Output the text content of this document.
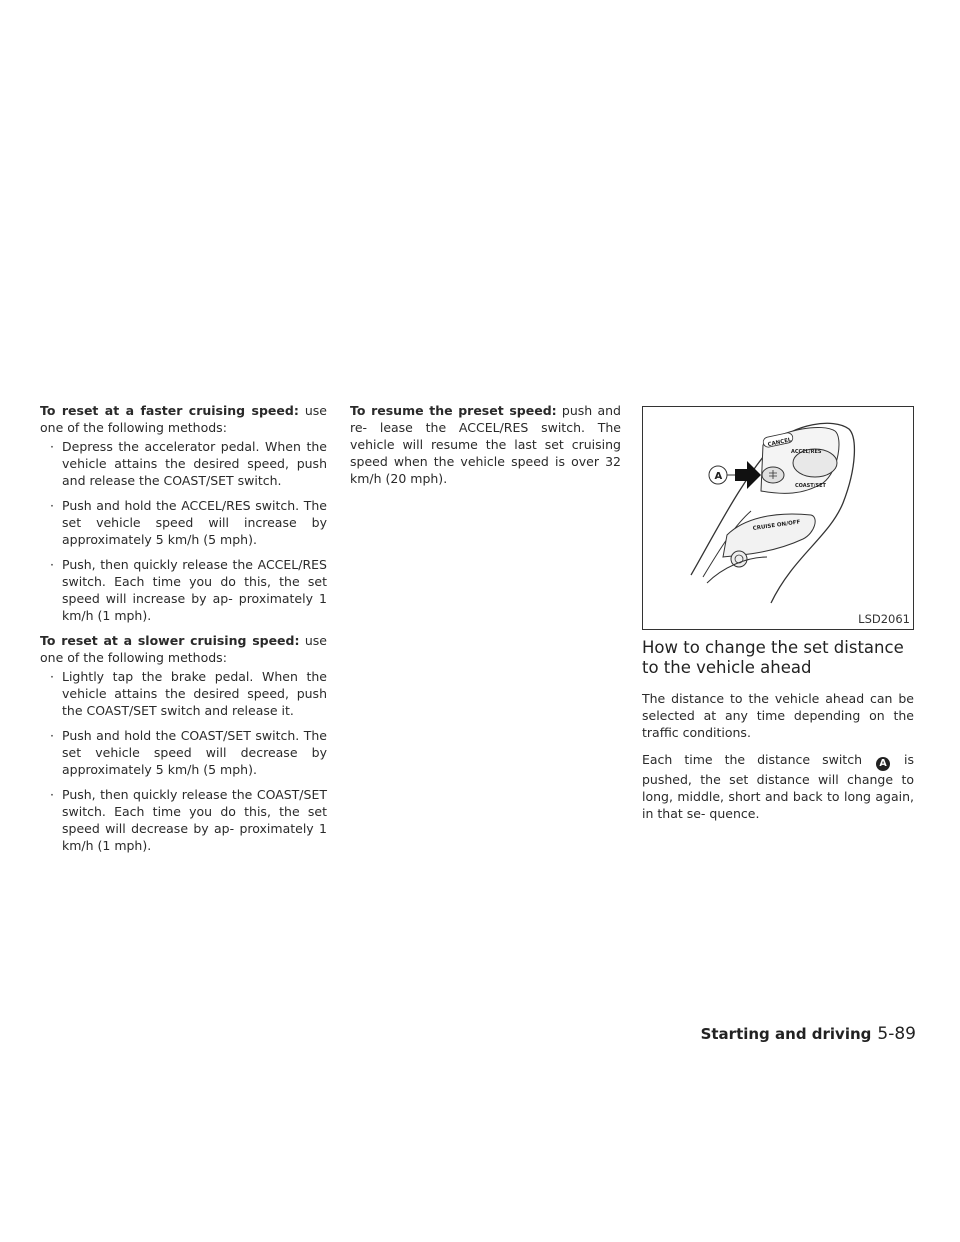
To reset at a faster cruising speed: use one of the following methods:

· Depress the accelerator pedal. When the vehicle attains the desired speed, push and release the COAST/SET switch.
· Push and hold the ACCEL/RES switch. The set vehicle speed will increase by approximately 5 km/h (5 mph).
· Push, then quickly release the ACCEL/RES switch. Each time you do this, the set speed will increase by ap- proximately 1 km/h (1 mph).

To reset at a slower cruising speed: use one of the following methods:

· Lightly tap the brake pedal. When the vehicle attains the desired speed, push the COAST/SET switch and release it.
· Push and hold the COAST/SET switch. The set vehicle speed will decrease by approximately 5 km/h (5 mph).
· Push, then quickly release the COAST/SET switch. Each time you do this, the set speed will decrease by ap- proximately 1 km/h (1 mph).

To resume the preset speed: push and re- lease the ACCEL/RES switch. The vehicle will resume the last set cruising speed when the vehicle speed is over 32 km/h (20 mph).

CANCEL
ACCEL/RES
COAST/SET
A
CRUISE ON/OFF
LSD2061
How to change the set distance to the vehicle ahead

The distance to the vehicle ahead can be selected at any time depending on the traffic conditions.

Each time the distance switch A is pushed, the set distance will change to long, middle, short and back to long again, in that se- quence.

Starting and driving 5-89
